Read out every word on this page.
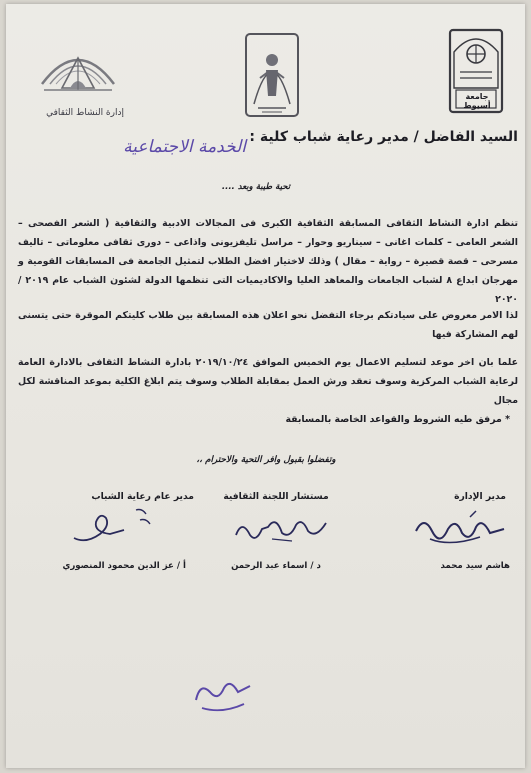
إدارة النشاط الثقافي
جامعة أسيوط
السيد الفاضل / مدير رعاية شباب كلية :
الخدمة الاجتماعية
تحية طيبة وبعد ....
تنظم ادارة النشاط الثقافى المسابقة الثقافية الكبرى فى المجالات الادبية والثقافية ( الشعر الفصحى – الشعر العامى – كلمات اغانى – سيناريو وحوار – مراسل تليفزيونى واذاعى – دورى ثقافى معلوماتى – تاليف مسرحى – قصة قصيرة – رواية – مقال ) وذلك لاختيار افضل الطلاب لتمثيل الجامعة فى المسابقات القومية و مهرجان ابداع ٨ لشباب الجامعات والمعاهد العليا والاكاديميات التى تنظمها الدولة لشئون الشباب عام ٢٠١٩ / ٢٠٢٠
لذا الامر معروض على سيادتكم برجاء التفضل نحو اعلان هذه المسابقة بين طلاب كليتكم الموقرة حتى يتسنى لهم المشاركة فيها
علما بان اخر موعد لتسليم الاعمال يوم الخميس الموافق ٢٠١٩/١٠/٢٤ بادارة النشاط الثقافى بالادارة العامة لرعاية الشباب المركزية وسوف تعقد ورش العمل بمقابلة الطلاب وسوف يتم ابلاغ الكلية بموعد المناقشة لكل مجال
* مرفق طيه الشروط والقواعد الخاصة بالمسابقة
وتفضلوا بقبول وافر التحية والاحترام ،،
مدير الإدارة
مستشار اللجنة الثقافية
مدير عام رعاية الشباب
هاشم سيد محمد
د / اسماء عبد الرحمن
أ / عز الدين محمود المنصوري
